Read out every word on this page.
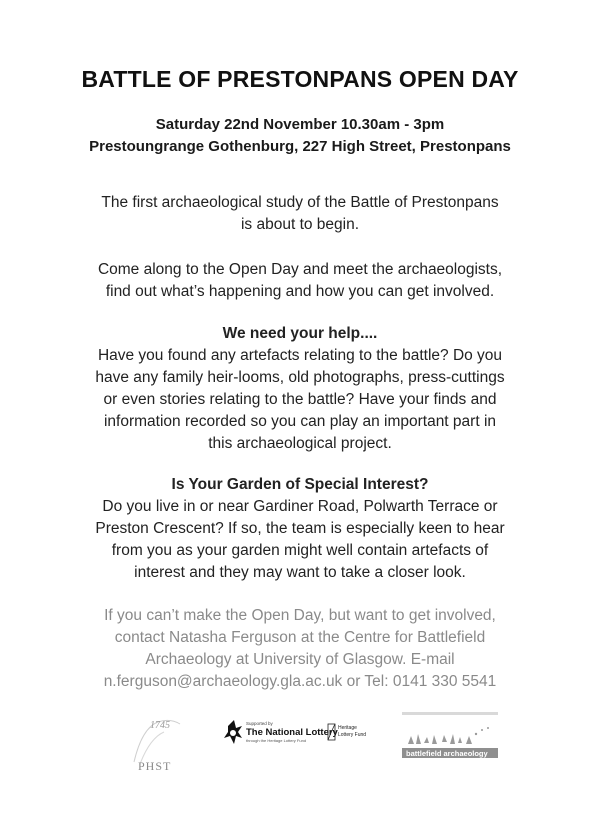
BATTLE OF PRESTONPANS OPEN DAY
Saturday 22nd November 10.30am - 3pm
Prestoungrange Gothenburg, 227 High Street, Prestonpans
The first archaeological study of the Battle of Prestonpans
is about to begin.
Come along to the Open Day and meet the archaeologists,
find out what’s happening and how you can get involved.
We need your help....
Have you found any artefacts relating to the battle? Do you
have any family heir-looms, old photographs, press-cuttings
or even stories relating to the battle? Have your finds and
information recorded so you can play an important part in
this archaeological project.
Is Your Garden of Special Interest?
Do you live in or near Gardiner Road, Polwarth Terrace or
Preston Crescent? If so, the team is especially keen to hear
from you as your garden might well contain artefacts of
interest and they may want to take a closer look.
If you can’t make the Open Day, but want to get involved,
contact Natasha Ferguson at the Centre for Battlefield
Archaeology at University of Glasgow. E-mail
n.ferguson@archaeology.gla.ac.uk or Tel: 0141 330 5541
1745
PHST
Supported by
The National Lottery
through the Heritage Lottery Fund
Heritage
Lottery Fund
battlefield archaeology
